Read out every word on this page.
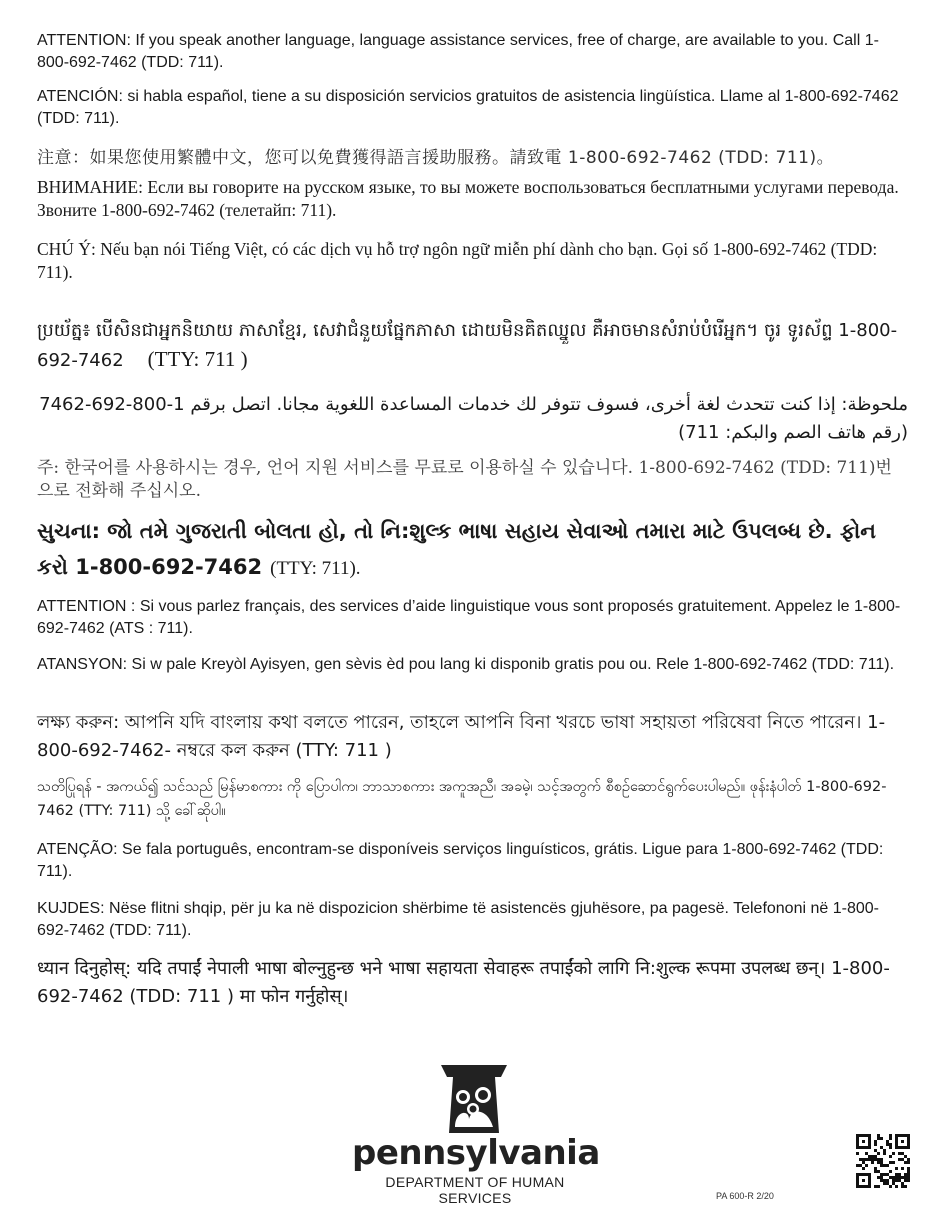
ATTENTION: If you speak another language, language assistance services, free of charge, are available to you. Call 1-800-692-7462 (TDD: 711).

ATENCIÓN: si habla español, tiene a su disposición servicios gratuitos de asistencia lingüística. Llame al 1-800-692-7462 (TDD: 711).

注意：如果您使用繁體中文，您可以免費獲得語言援助服務。請致電 1-800-692-7462 (TDD: 711)。

ВНИМАНИЕ: Если вы говорите на русском языке, то вы можете воспользоваться бесплатными услугами перевода. Звоните 1-800-692-7462 (телетайп: 711).

CHÚ Ý: Nếu bạn nói Tiếng Việt, có các dịch vụ hỗ trợ ngôn ngữ miễn phí dành cho bạn. Gọi số 1-800-692-7462 (TDD: 711).

ប្រយ័ត្ន៖ បើសិនជាអ្នកនិយាយ ភាសាខ្មែរ, សេវាជំនួយផ្នែកភាសា ដោយមិនគិតឈ្នួល គឺអាចមានសំរាប់បំរើអ្នក។ ចូរ ទូរស័ព្ទ 1-800-692-7462 (TTY: 711 )

ملحوظة: إذا كنت تتحدث لغة أخرى، فسوف تتوفر لك خدمات المساعدة اللغوية مجانا. اتصل برقم 1-800-692-7462 (رقم هاتف الصم والبكم: 711)

주: 한국어를 사용하시는 경우, 언어 지원 서비스를 무료로 이용하실 수 있습니다. 1-800-692-7462 (TDD: 711)번으로 전화해 주십시오.

સુચના: જો તમે ગુજરાતી બોલતા હો, તો નિ:શુલ્ક ભાષા સહાય સેવાઓ તમારા માટે ઉપલબ્ધ છે. ફોન કરો 1-800-692-7462 (TTY: 711).

ATTENTION : Si vous parlez français, des services d’aide linguistique vous sont proposés gratuitement. Appelez le 1-800-692-7462 (ATS : 711).

ATANSYON: Si w pale Kreyòl Ayisyen, gen sèvis èd pou lang ki disponib gratis pou ou. Rele 1-800-692-7462 (TDD: 711).

লক্ষ্য করুন: আপনি যদি বাংলায় কথা বলতে পারেন, তাহলে আপনি বিনা খরচে ভাষা সহায়তা পরিষেবা নিতে পারেন। 1-800-692-7462- নম্বরে কল করুন (TTY: 711 )

သတိပြုရန် - အကယ်၍ သင်သည် မြန်မာစကား ကို ပြောပါက၊ ဘာသာစကား အကူအညီ၊ အခမဲ့၊ သင့်အတွက် စီစဉ်ဆောင်ရွက်ပေးပါမည်။ ဖုန်းနံပါတ် 1-800-692-7462 (TTY: 711) သို့ ခေါ်ဆိုပါ။

ATENÇÃO: Se fala português, encontram-se disponíveis serviços linguísticos, grátis. Ligue para 1-800-692-7462 (TDD: 711).

KUJDES: Nëse flitni shqip, për ju ka në dispozicion shërbime të asistencës gjuhësore, pa pagesë. Telefononi në 1-800-692-7462 (TDD: 711).

ध्यान दिनुहोस्: यदि तपाईं नेपाली भाषा बोल्नुहुन्छ भने भाषा सहायता सेवाहरू तपाईंको लागि नि:शुल्क रूपमा उपलब्ध छन्। 1-800-692-7462 (TDD: 711 ) मा फोन गर्नुहोस्।

pennsylvania
DEPARTMENT OF HUMAN SERVICES	PA 600-R 2/20
